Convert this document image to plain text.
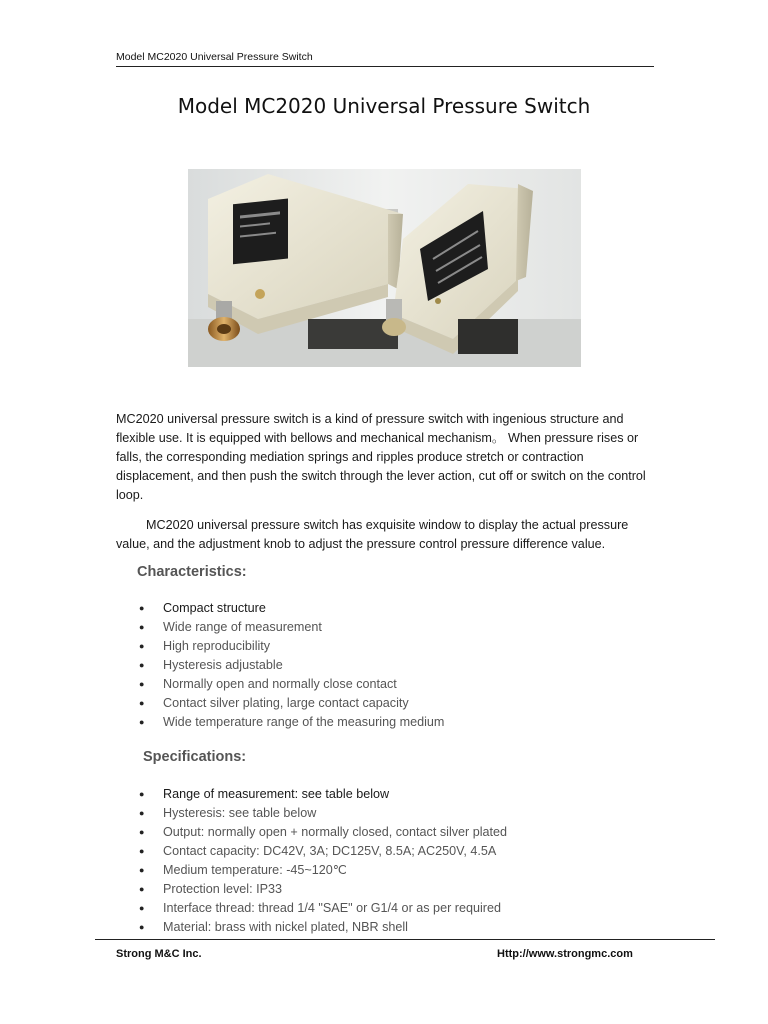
Model MC2020 Universal Pressure Switch
Model MC2020 Universal Pressure Switch

MC2020 universal pressure switch is a kind of pressure switch with ingenious structure and flexible use. It is equipped with bellows and mechanical mechanism。 When pressure rises or falls, the corresponding mediation springs and ripples produce stretch or contraction displacement, and then push the switch through the lever action, cut off or switch on the control loop.

MC2020 universal pressure switch has exquisite window to display the actual pressure value, and the adjustment knob to adjust the pressure control pressure difference value.

Characteristics:
● Compact structure
● Wide range of measurement
● High reproducibility
● Hysteresis adjustable
● Normally open and normally close contact
● Contact silver plating, large contact capacity
● Wide temperature range of the measuring medium
Specifications:
● Range of measurement: see table below
● Hysteresis: see table below
● Output: normally open + normally closed, contact silver plated
● Contact capacity: DC42V, 3A; DC125V, 8.5A; AC250V, 4.5A
● Medium temperature: -45~120℃
● Protection level: IP33
● Interface thread: thread 1/4 "SAE" or G1/4 or as per required
● Material: brass with nickel plated, NBR shell
Strong M&C Inc.	Http://www.strongmc.com
